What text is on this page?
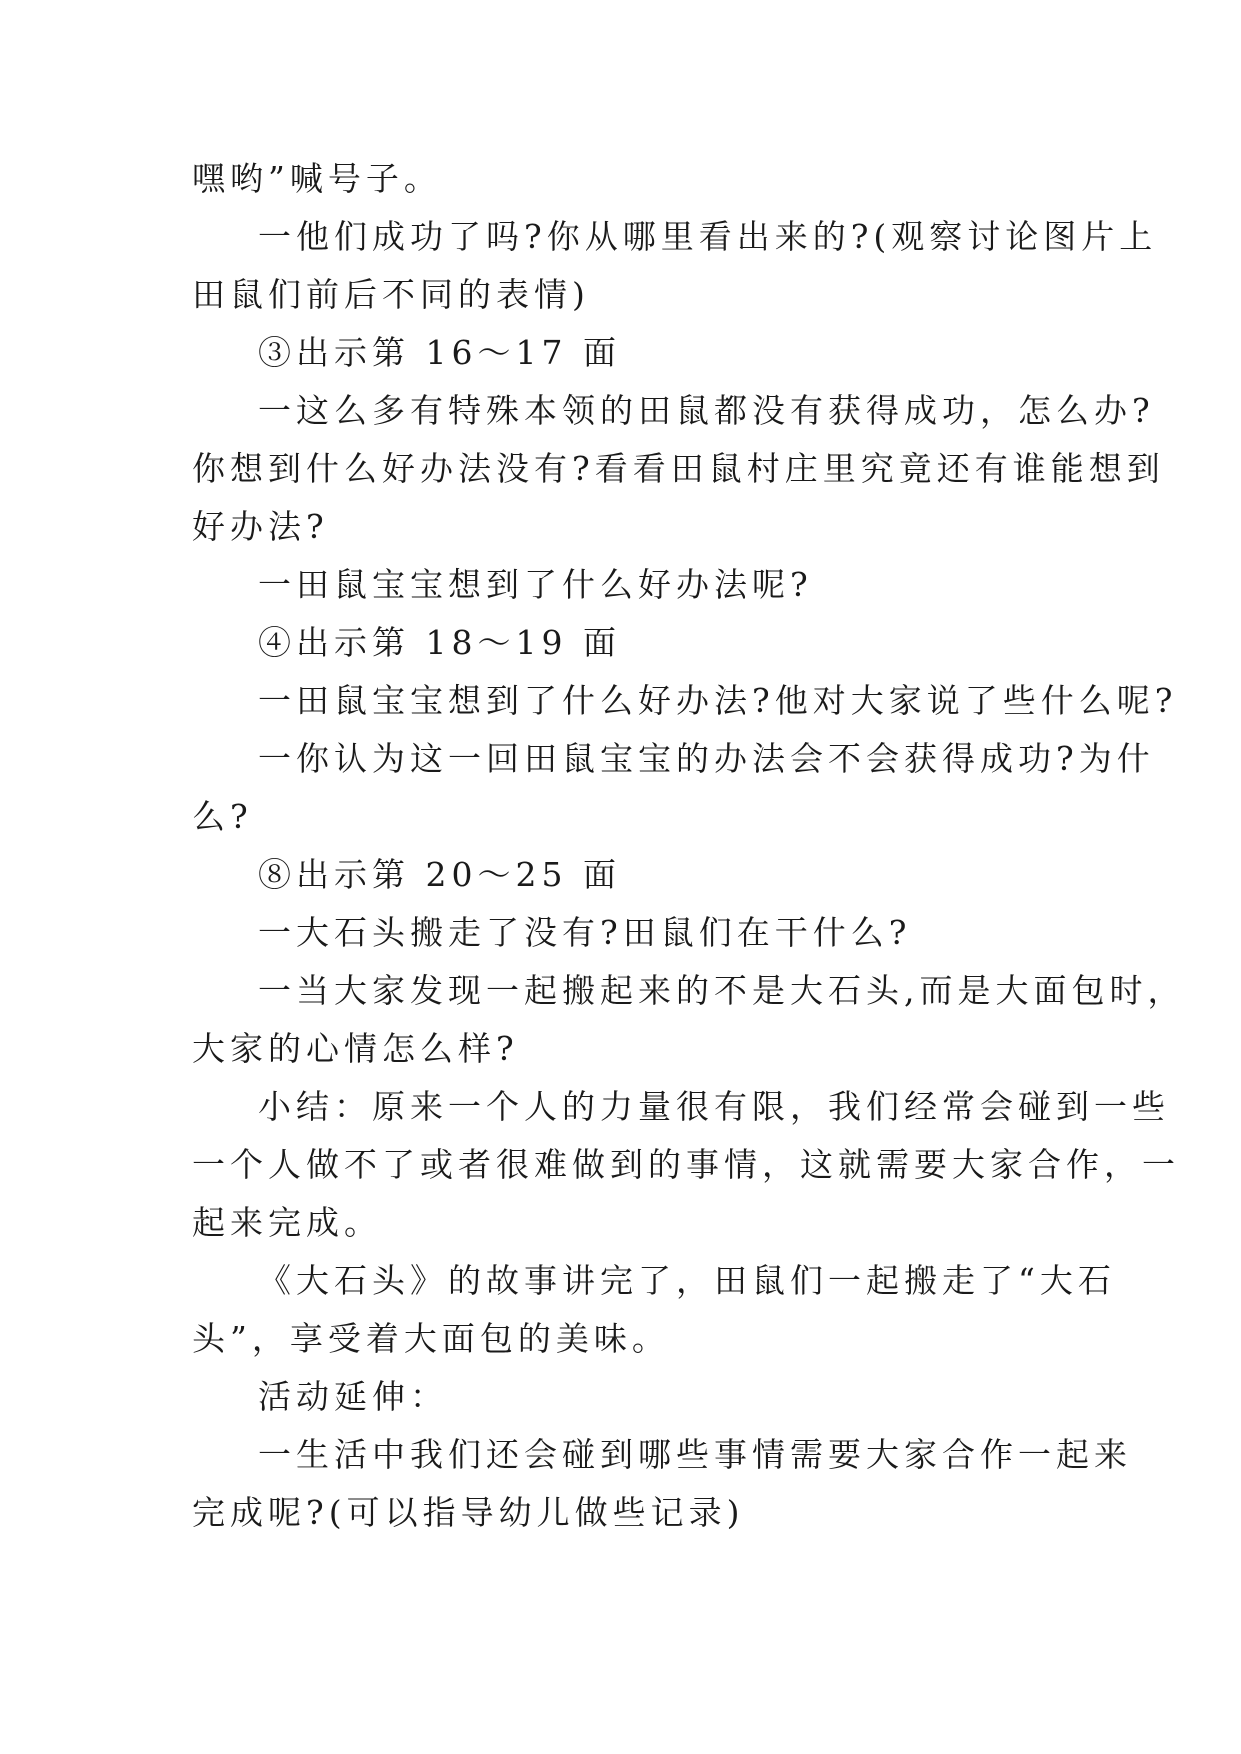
嘿哟”喊号子。
一他们成功了吗?你从哪里看出来的?(观察讨论图片上
田鼠们前后不同的表情)
③出示第 16～17 面
一这么多有特殊本领的田鼠都没有获得成功，怎么办?
你想到什么好办法没有?看看田鼠村庄里究竟还有谁能想到
好办法?
一田鼠宝宝想到了什么好办法呢?
④出示第 18～19 面
一田鼠宝宝想到了什么好办法?他对大家说了些什么呢?
一你认为这一回田鼠宝宝的办法会不会获得成功?为什
么?
⑧出示第 20～25 面
一大石头搬走了没有?田鼠们在干什么?
一当大家发现一起搬起来的不是大石头,而是大面包时，
大家的心情怎么样?
小结：原来一个人的力量很有限，我们经常会碰到一些
一个人做不了或者很难做到的事情，这就需要大家合作，一
起来完成。
《大石头》的故事讲完了，田鼠们一起搬走了“大石
头”，享受着大面包的美味。
活动延伸：
一生活中我们还会碰到哪些事情需要大家合作一起来
完成呢?(可以指导幼儿做些记录)
